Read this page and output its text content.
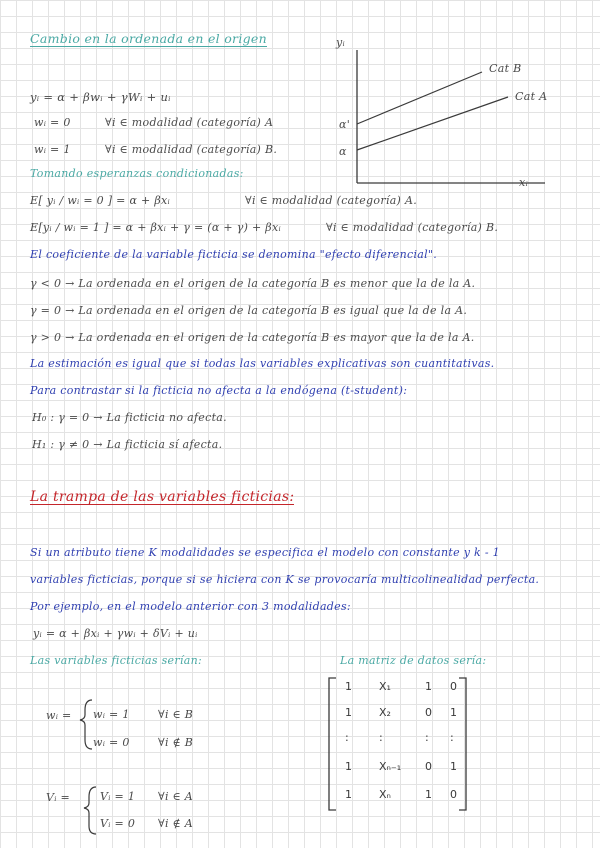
Cambio en la ordenada en el origen
yᵢ = α + βwᵢ + γWᵢ + uᵢ
wᵢ = 0	∀i ∈ modalidad (categoría) A
wᵢ = 1	∀i ∈ modalidad (categoría) B.
Tomando esperanzas condicionadas:
E[ yᵢ / wᵢ = 0 ] = α + βxᵢ	∀i ∈ modalidad (categoría) A.
E[yᵢ / wᵢ = 1 ] = α + βxᵢ + γ = (α + γ) + βxᵢ	∀i ∈ modalidad (categoría) B.
El coeficiente de la variable ficticia se denomina "efecto diferencial".
γ < 0 → La ordenada en el origen de la categoría B es menor que la de la A.
γ = 0 → La ordenada en el origen de la categoría B es igual que la de la A.
γ > 0 → La ordenada en el origen de la categoría B es mayor que la de la A.
La estimación es igual que si todas las variables explicativas son cuantitativas.
Para contrastar si la ficticia no afecta a la endógena (t-student):
H₀ : γ = 0 → La ficticia no afecta.
H₁ : γ ≠ 0 → La ficticia sí afecta.
yᵢ
xᵢ
Cat B
Cat A
α'
α
La trampa de las variables ficticias:
Si un atributo tiene K modalidades se especifica el modelo con constante y k - 1
variables ficticias, porque si se hiciera con K se provocaría multicolinealidad perfecta.
Por ejemplo, en el modelo anterior con 3 modalidades:
yᵢ = α + βxᵢ + γwᵢ + δVᵢ + uᵢ
Las variables ficticias serían:	La matriz de datos sería:
wᵢ = wᵢ = 1	∀i ∈ B
wᵢ = 0	∀i ∉ B
Vᵢ =	Vᵢ = 1 ∀i ∈ A
Vᵢ = 0 ∀i ∉ A
1 X₁	1 0
1 X₂	0 1
:	:	: :
1 Xₙ₋₁ 0 1
1 Xₙ	1 0
